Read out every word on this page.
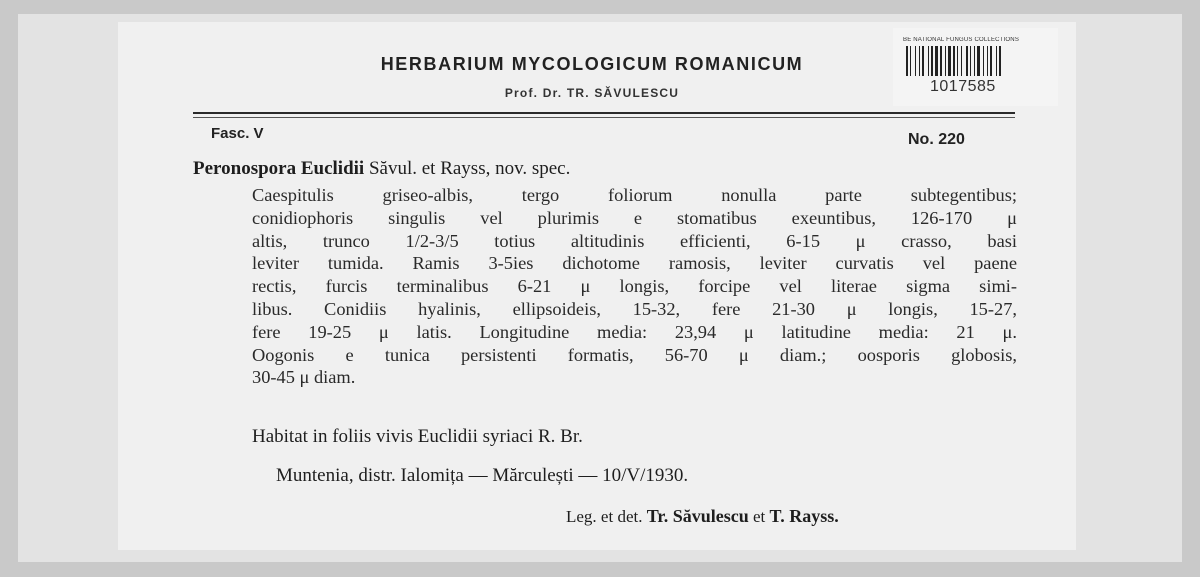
BE NATIONAL FUNGUS COLLECTIONS
1017585
HERBARIUM MYCOLOGICUM ROMANICUM
Prof. Dr. TR. SĂVULESCU
Fasc. V	No. 220
Peronospora Euclidii Săvul. et Rayss, nov. spec.
Caespitulis griseo-albis, tergo foliorum nonulla parte subtegentibus;
conidiophoris singulis vel plurimis e stomatibus exeuntibus, 126-170 μ
altis, trunco 1/2-3/5 totius altitudinis efficienti, 6-15 μ crasso, basi
leviter tumida. Ramis 3-5ies dichotome ramosis, leviter curvatis vel paene
rectis, furcis terminalibus 6-21 μ longis, forcipe vel literae sigma simi-
libus. Conidiis hyalinis, ellipsoideis, 15-32, fere 21-30 μ longis, 15-27,
fere 19-25 μ latis. Longitudine media: 23,94 μ latitudine media: 21 μ.
Oogonis e tunica persistenti formatis, 56-70 μ diam.; oosporis globosis,
30-45 μ diam.
Habitat in foliis vivis Euclidii syriaci R. Br.
Muntenia, distr. Ialomița — Mărculești — 10/V/1930.
Leg. et det. Tr. Săvulescu et T. Rayss.
